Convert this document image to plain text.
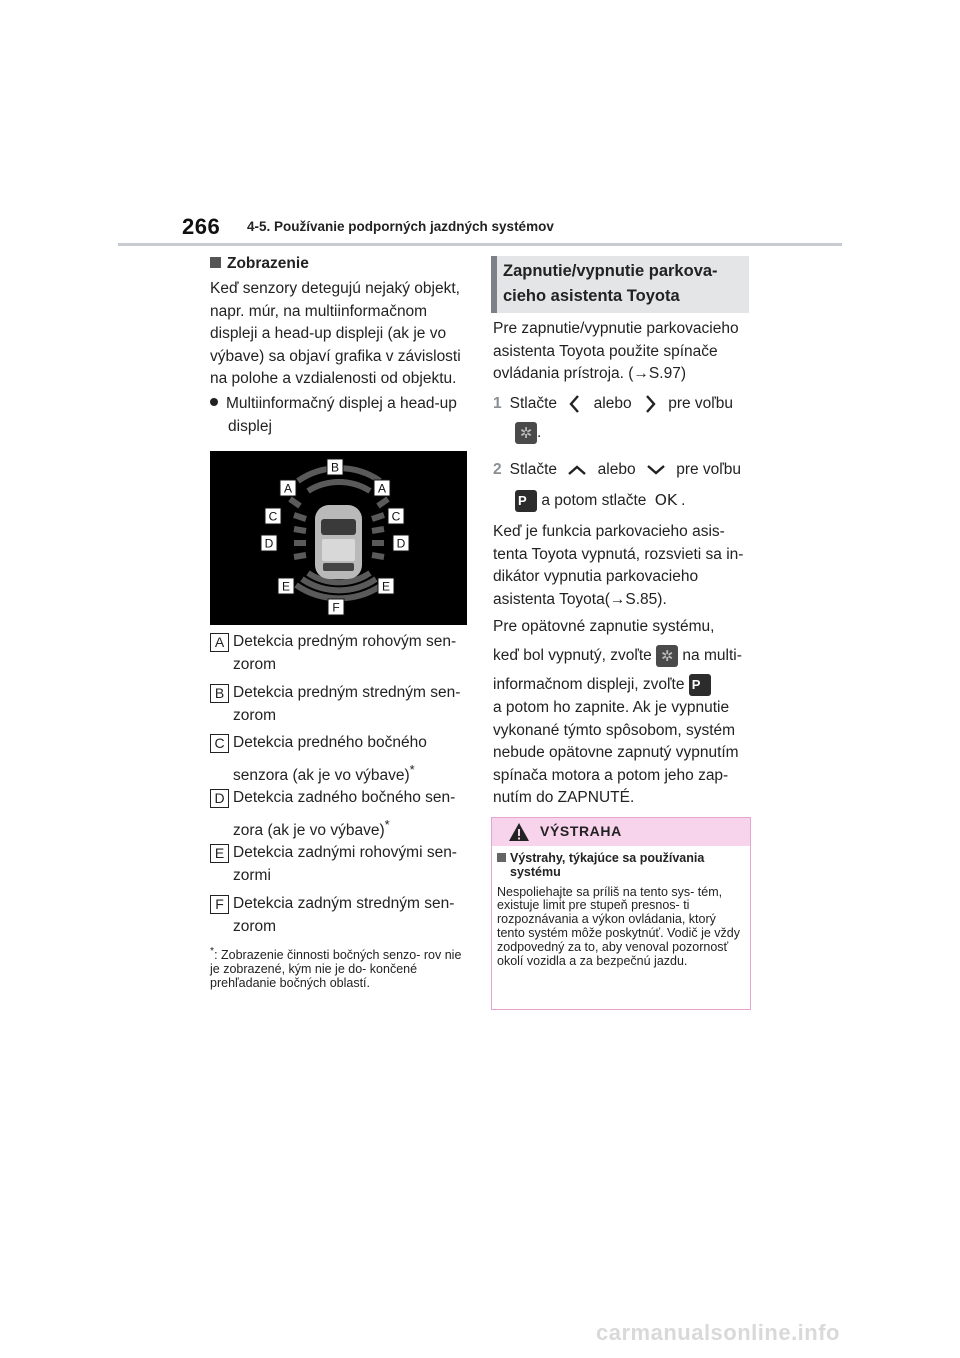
266 4-5. Používanie podporných jazdných systémov
Zobrazenie
Keď senzory detegujú nejaký objekt, napr. múr, na multiinformačnom displeji a head-up displeji (ak je vo výbave) sa objaví grafika v závislosti na polohe a vzdialenosti od objektu.
Multiinformačný displej a head-up displej
B
A	A
C	C
D	D
E	E
F
A Detekcia predným rohovým sen-
zorom
B Detekcia predným stredným sen-
zorom
C Detekcia predného bočného
senzora (ak je vo výbave)*
D Detekcia zadného bočného sen-
zora (ak je vo výbave)*
E Detekcia zadnými rohovými sen-
zormi
F Detekcia zadným stredným sen-
zorom
*: Zobrazenie činnosti bočných senzo- rov nie je zobrazené, kým nie je do- končené prehľadanie bočných oblastí.
Zapnutie/vypnutie parkova-
cieho asistenta Toyota
Pre zapnutie/vypnutie parkovacieho asistenta Toyota použite spínače ovládania prístroja. (→S.97)
1 Stlačte alebo pre voľbu
✲.
2 Stlačte	alebo	pre voľbu
P a potom stlačte OK .
Keď je funkcia parkovacieho asis- tenta Toyota vypnutá, rozsvieti sa in- dikátor vypnutia parkovacieho asistenta Toyota(→S.85).
Pre opätovné zapnutie systému,
keď bol vypnutý, zvoľte ✲ na multi-
informačnom displeji, zvoľte P
a potom ho zapnite. Ak je vypnutie vykonané týmto spôsobom, systém nebude opätovne zapnutý vypnutím spínača motora a potom jeho zap- nutím do ZAPNUTÉ.
VÝSTRAHA
Výstrahy, týkajúce sa používania systému
Nespoliehajte sa príliš na tento sys- tém, existuje limit pre stupeň presnos- ti rozpoznávania a výkon ovládania, ktorý tento systém môže poskytnúť. Vodič je vždy zodpovedný za to, aby venoval pozornosť okolí vozidla a za bezpečnú jazdu.
carmanualsonline.info
